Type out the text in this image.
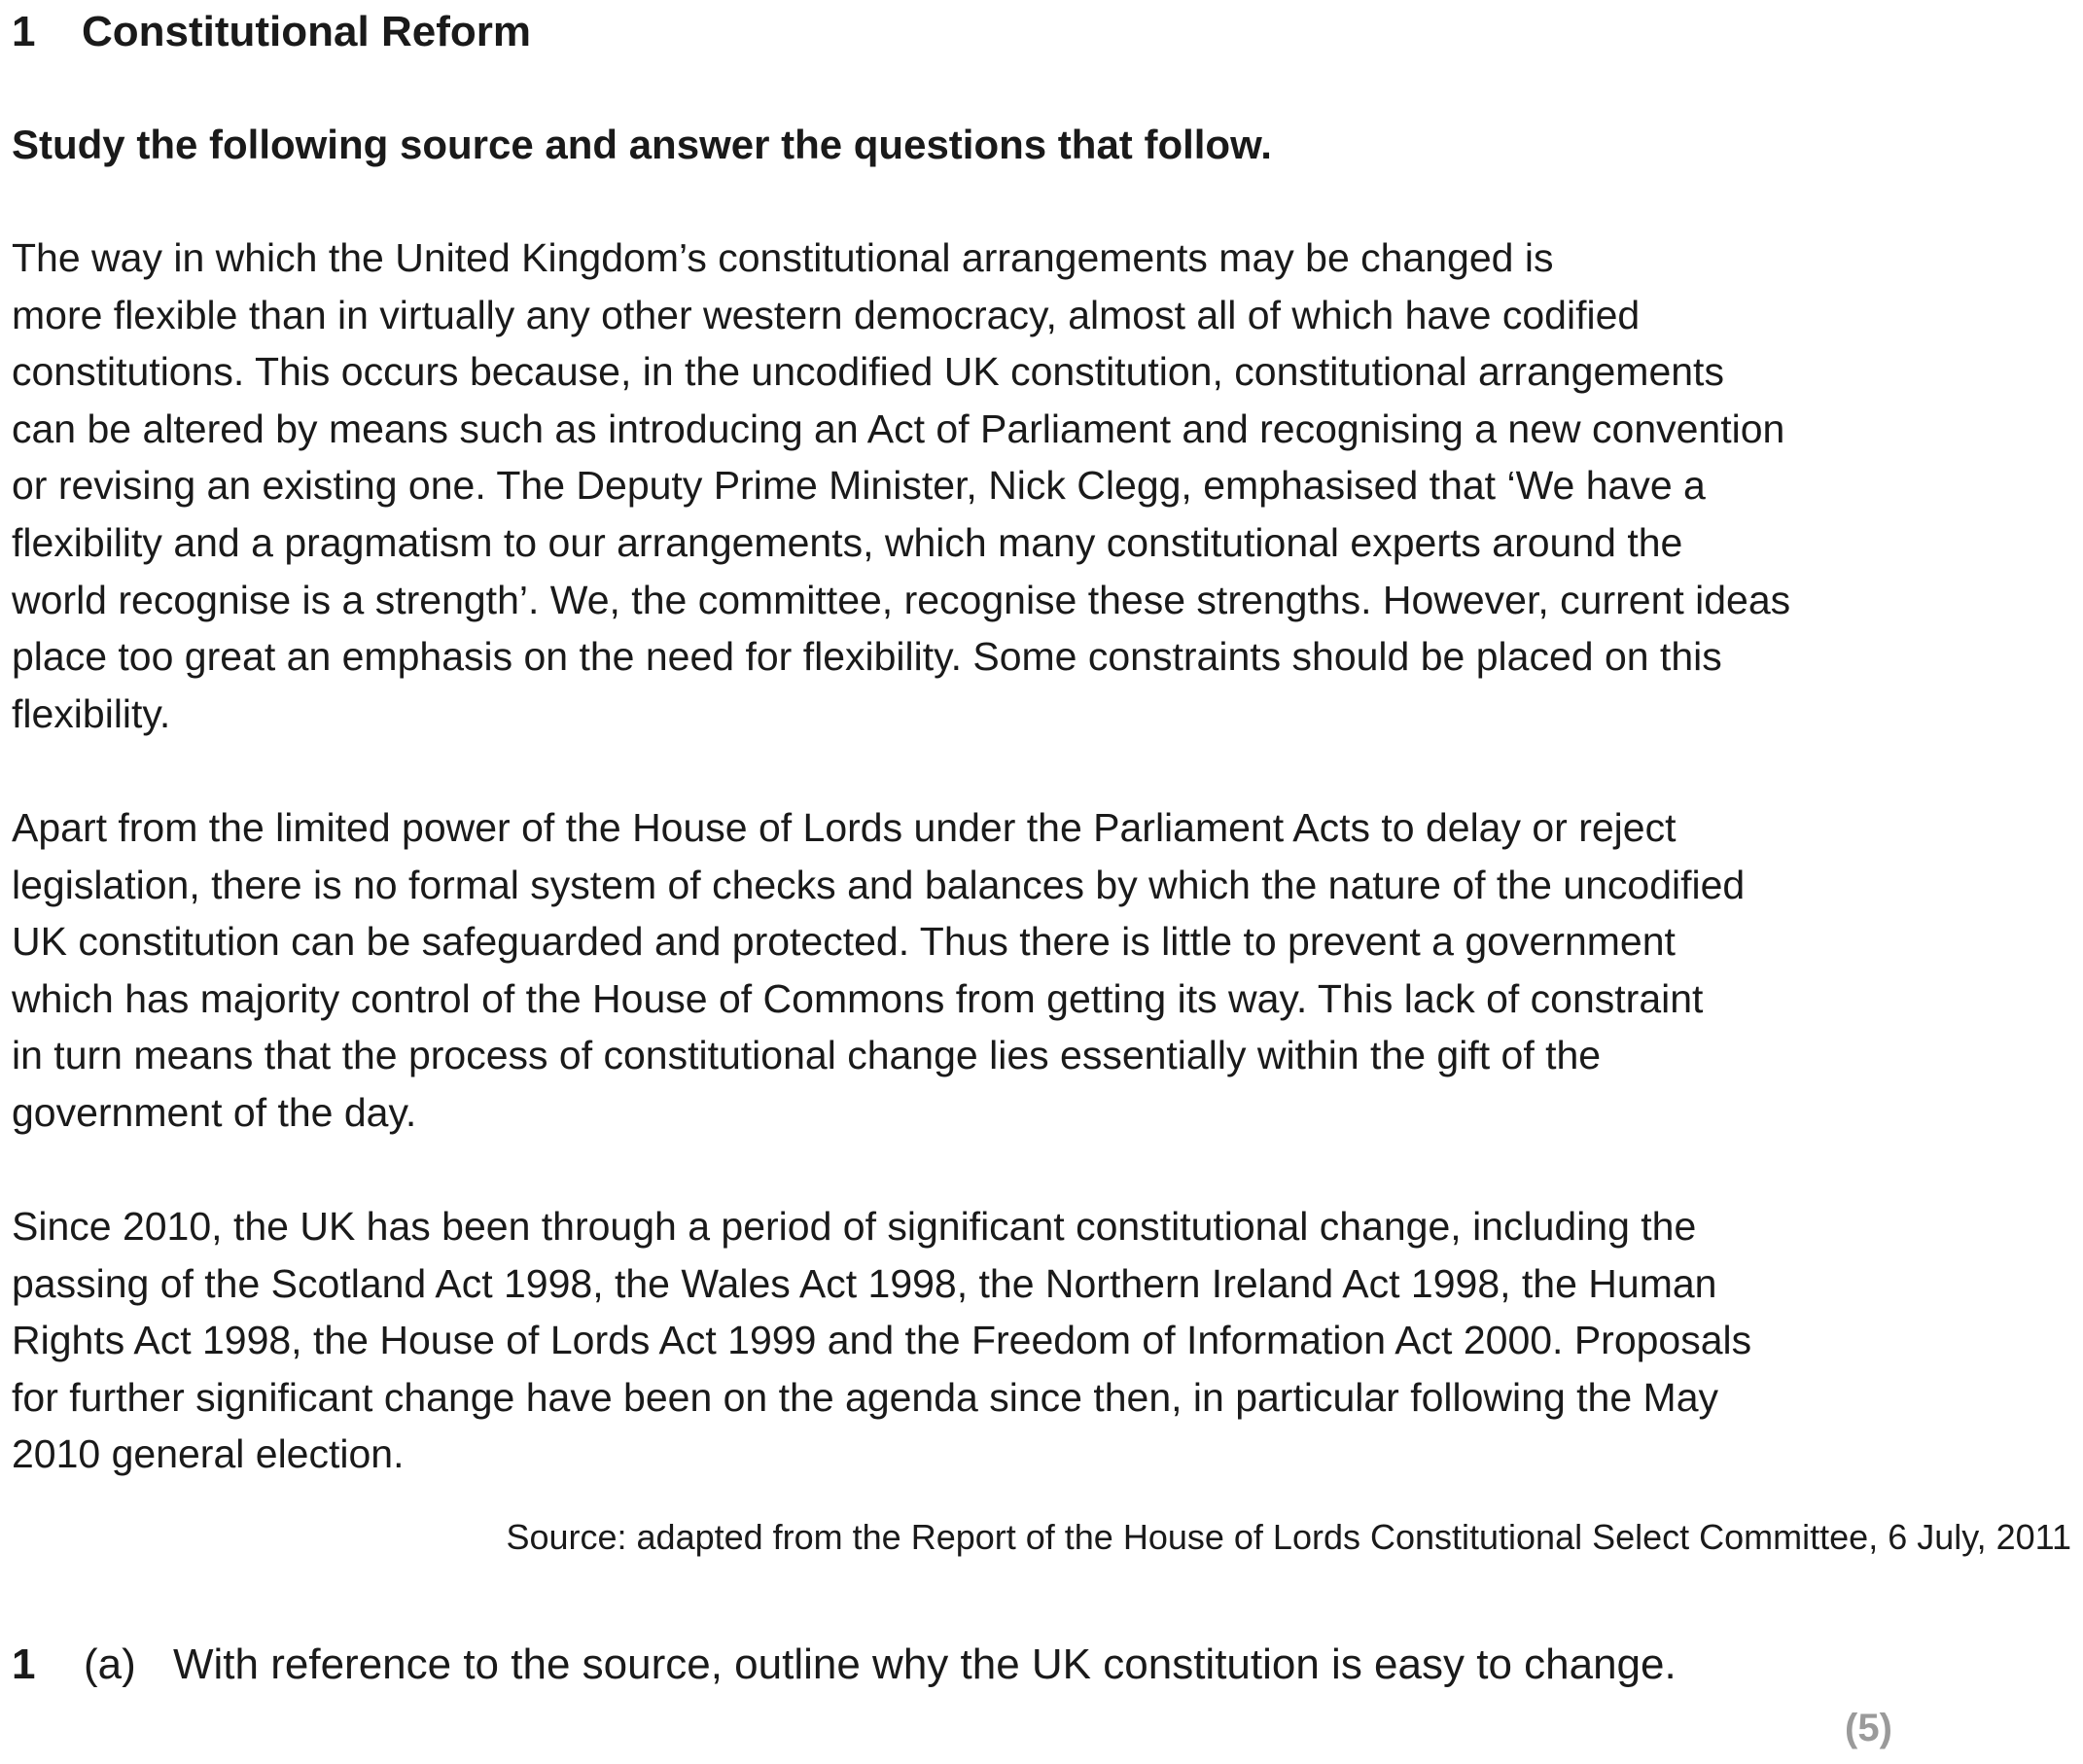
1 Constitutional Reform
Study the following source and answer the questions that follow.
The way in which the United Kingdom’s constitutional arrangements may be changed is
more flexible than in virtually any other western democracy, almost all of which have codified
constitutions. This occurs because, in the uncodified UK constitution, constitutional arrangements
can be altered by means such as introducing an Act of Parliament and recognising a new convention
or revising an existing one. The Deputy Prime Minister, Nick Clegg, emphasised that ‘We have a
flexibility and a pragmatism to our arrangements, which many constitutional experts around the
world recognise is a strength’. We, the committee, recognise these strengths. However, current ideas
place too great an emphasis on the need for flexibility. Some constraints should be placed on this
flexibility.
Apart from the limited power of the House of Lords under the Parliament Acts to delay or reject
legislation, there is no formal system of checks and balances by which the nature of the uncodified
UK constitution can be safeguarded and protected. Thus there is little to prevent a government
which has majority control of the House of Commons from getting its way. This lack of constraint
in turn means that the process of constitutional change lies essentially within the gift of the
government of the day.
Since 2010, the UK has been through a period of significant constitutional change, including the
passing of the Scotland Act 1998, the Wales Act 1998, the Northern Ireland Act 1998, the Human
Rights Act 1998, the House of Lords Act 1999 and the Freedom of Information Act 2000. Proposals
for further significant change have been on the agenda since then, in particular following the May
2010 general election.
Source: adapted from the Report of the House of Lords Constitutional Select Committee, 6 July, 2011
1 (a) With reference to the source, outline why the UK constitution is easy to change.
(5)
